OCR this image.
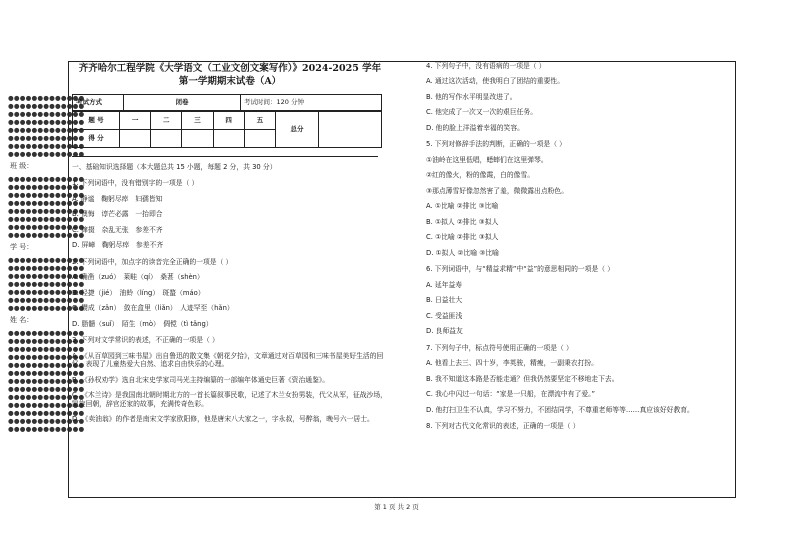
●●●●●●●●●●●●●
●●●●●●●●●●●●●
●●●●●●●●●●●●●
●●●●●●●●●●●●●
●●●●●●●●●●●●●
●●●●●●●●●●●●●
●●●●●●●●●●●●●
●●●●●●●●●●●●●
班 级：
●●●●●●●●●●●●●
●●●●●●●●●●●●●
●●●●●●●●●●●●●
●●●●●●●●●●●●●
●●●●●●●●●●●●●
●●●●●●●●●●●●●
●●●●●●●●●●●●●
●●●●●●●●●●●●●
学 号：
●●●●●●●●●●●●●
●●●●●●●●●●●●●
●●●●●●●●●●●●●
●●●●●●●●●●●●●
●●●●●●●●●●●●●
●●●●●●●●●●●●●
●●●●●●●●●●●●●
姓 名：
●●●●●●●●●●●●●
●●●●●●●●●●●●●
●●●●●●●●●●●●●
●●●●●●●●●●●●●
●●●●●●●●●●●●●
●●●●●●●●●●●●●
●●●●●●●●●●●●●
●●●●●●●●●●●●●
●●●●●●●●●●●●●
●●●●●●●●●●●●●
●●●●●●●●●●●●●
●●●●●●●●●●●●●
●●●●●●●●●●●●●
齐齐哈尔工程学院《大学语文（工业文创文案写作）》2024-2025 学年
第一学期期末试卷（A）
考试方式	闭卷	考试时间：120 分钟
题 号	一	二	三	四	五	总分	
得 分							
一、基础知识选择题（本大题总共 15 小题，每题 2 分，共 30 分）
1. 下列词语中，没有错别字的一项是（ ）
A. 静谧　鞠躬尽瘁　妇孺皆知
B. 懊悔　谆芒必露　一抬即合
C. 撺掇　杂乱无张　参差不齐
D. 屏嶂　鞠躬尽瘁　参差不齐
2. 下列词语中，加点字的读音完全正确的一项是（ ）
A. 确凿（zuó）　莱畦（qí）　桑葚（shèn）
B. 轻捷（jié）　油蛉（líng）　斑蝥（máo）
C. 攒成（zǎn）　敛在盒里（liǎn）　人迹罕至（hǎn）
D. 脂髓（suǐ）　陌生（mò）　倜傥（tì tǎng）
3. 下列对文学常识的表述，不正确的一项是（ ）
A. 《从百草园到三味书屋》出自鲁迅的散文集《朝花夕拾》，文章通过对百草园和三味书屋美好生活的回忆，表现了儿童热爱大自然、追求自由快乐的心理。
B. 《孙权劝学》选自北宋史学家司马光主持编纂的一部编年体通史巨著《资治通鉴》。
C. 《木兰诗》是我国南北朝时期北方的一首长篇叙事民歌，记述了木兰女扮男装，代父从军，征战沙场，凯旋回朝，辞官还家的故事，充满传奇色彩。
D. 《卖油翁》的作者是南宋文学家欧阳修，他是唐宋八大家之一，字永叔，号醉翁，晚号六一居士。
4. 下列句子中，没有语病的一项是（ ）
A. 通过这次活动，使我明白了团结的重要性。
B. 他的写作水平明显改进了。
C. 他完成了一次又一次的艰巨任务。
D. 他的脸上洋溢着幸福的笑容。
5. 下列对修辞手法的判断，正确的一项是（ ）
①油岭在这里低唱，蟋蟀们在这里弹琴。
②红的像火，粉的像霞，白的像雪。
③那点薄雪好像忽然害了羞，微微露出点粉色。
A. ①比喻 ②排比 ③比喻
B. ①拟人 ②排比 ③拟人
C. ①比喻 ②排比 ③拟人
D. ①拟人 ②比喻 ③比喻
6. 下列词语中，与“精益求精”中“益”的意思相同的一项是（ ）
A. 延年益寿
B. 日益壮大
C. 受益匪浅
D. 良师益友
7. 下列句子中，标点符号使用正确的一项是（ ）
A. 他看上去三、四十岁，李英骏，精瘦，一副秉衣打扮。
B. 我不知道这本路是否能走通？但我仍然要坚定不移地走下去。
C. 我心中闪过一句话：“家是一只船，在漂流中有了爱。”
D. 他打扫卫生不认真，学习不努力，不团结同学，不尊重老师等等……真应该好好教育。
8. 下列对古代文化常识的表述，正确的一项是（ ）
第 1 页 共 2 页
